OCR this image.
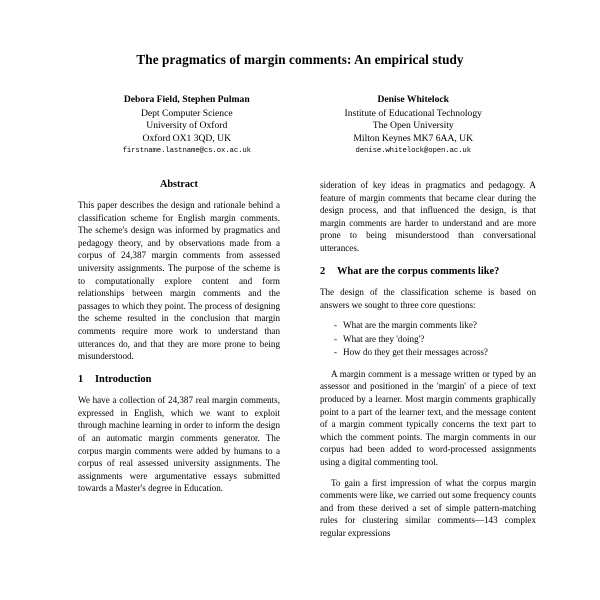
The pragmatics of margin comments: An empirical study
Debora Field, Stephen Pulman
Dept Computer Science
University of Oxford
Oxford OX1 3QD, UK
firstname.lastname@cs.ox.ac.uk
Denise Whitelock
Institute of Educational Technology
The Open University
Milton Keynes MK7 6AA, UK
denise.whitelock@open.ac.uk
Abstract

This paper describes the design and rationale behind a classification scheme for English margin comments. The scheme's design was informed by pragmatics and pedagogy theory, and by observations made from a corpus of 24,387 margin comments from assessed university assignments. The purpose of the scheme is to computationally explore content and form relationships between margin comments and the passages to which they point. The process of designing the scheme resulted in the conclusion that margin comments require more work to understand than utterances do, and that they are more prone to being misunderstood.

1	Introduction

We have a collection of 24,387 real margin comments, expressed in English, which we want to exploit through machine learning in order to inform the design of an automatic margin comments generator. The corpus margin comments were added by humans to a corpus of real assessed university assignments. The assignments were argumentative essays submitted towards a Master's degree in Education.

sideration of key ideas in pragmatics and pedagogy. A feature of margin comments that became clear during the design process, and that influenced the design, is that margin comments are harder to understand and are more prone to being misunderstood than conversational utterances.

2	What are the corpus comments like?

The design of the classification scheme is based on answers we sought to three core questions:

- What are the margin comments like?
- What are they 'doing'?
- How do they get their messages across?

A margin comment is a message written or typed by an assessor and positioned in the 'margin' of a piece of text produced by a learner. Most margin comments graphically point to a part of the learner text, and the message content of a margin comment typically concerns the text part to which the comment points. The margin comments in our corpus had been added to word-processed assignments using a digital commenting tool.

To gain a first impression of what the corpus margin comments were like, we carried out some frequency counts and from these derived a set of simple pattern-matching rules for clustering similar comments—143 complex regular expressions
